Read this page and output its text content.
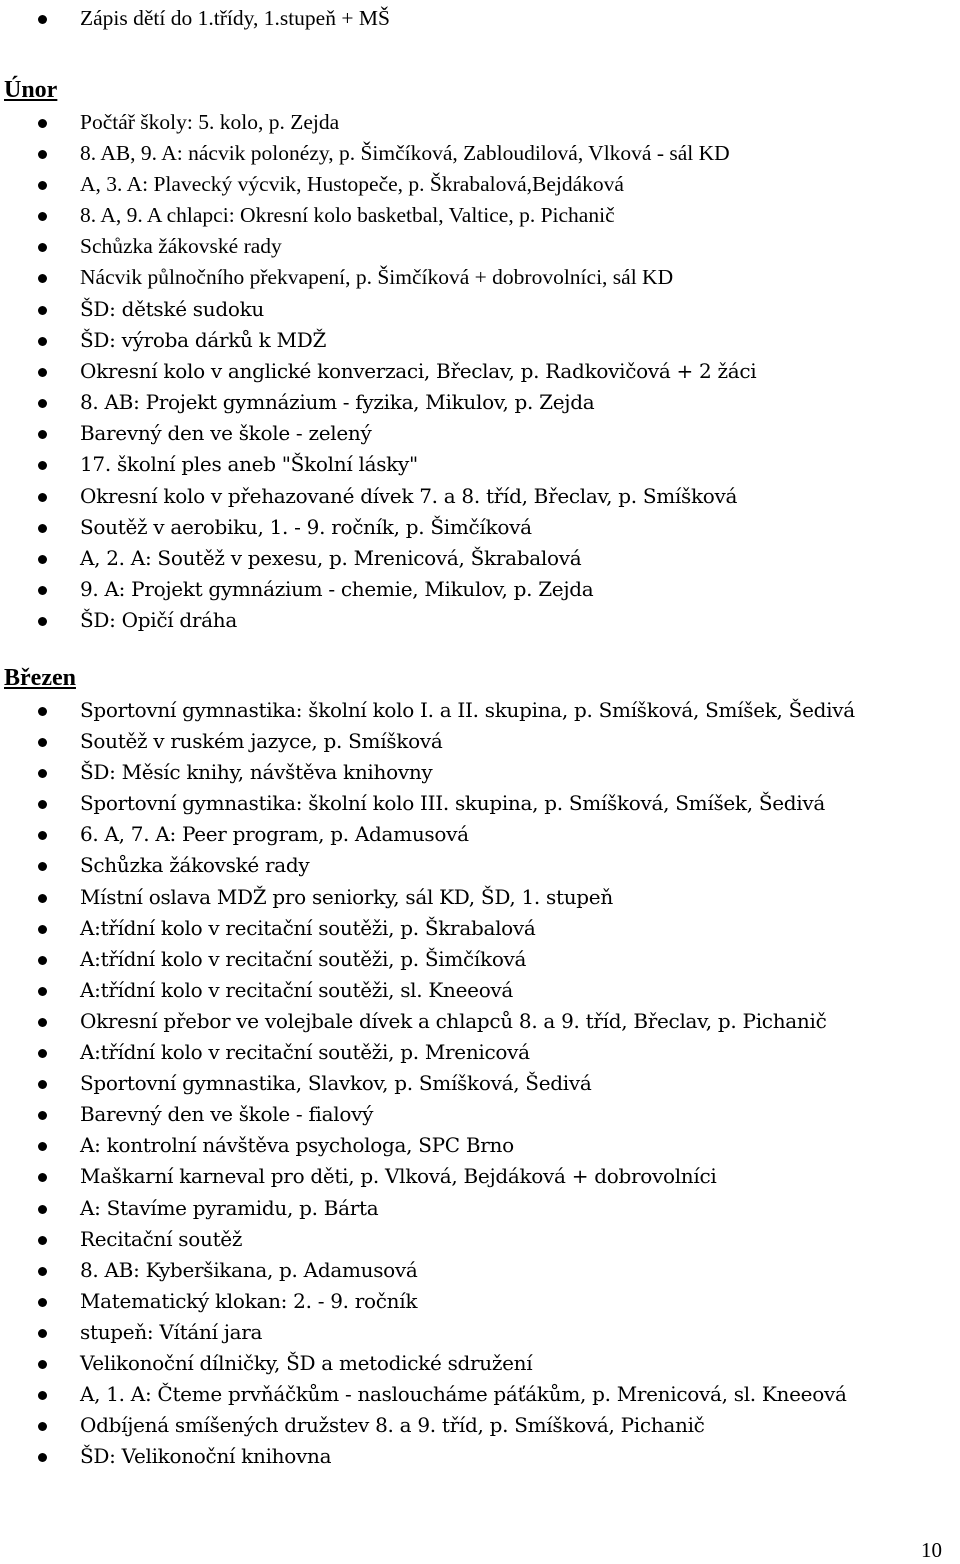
Zápis dětí do 1.třídy, 1.stupeň + MŠ
Únor
Počtář školy: 5. kolo, p. Zejda
8. AB, 9. A: nácvik polonézy, p. Šimčíková, Zabloudilová, Vlková - sál KD
A, 3. A: Plavecký výcvik, Hustopeče, p. Škrabalová,Bejdáková
8. A, 9. A chlapci: Okresní kolo basketbal, Valtice, p. Pichanič
Schůzka žákovské rady
Nácvik půlnočního překvapení, p. Šimčíková + dobrovolníci, sál KD
ŠD: dětské sudoku
ŠD: výroba dárků k MDŽ
Okresní kolo v anglické konverzaci, Břeclav, p. Radkovičová + 2 žáci
8. AB: Projekt gymnázium - fyzika, Mikulov, p. Zejda
Barevný den ve škole - zelený
17. školní ples aneb "Školní lásky"
Okresní kolo v přehazované dívek 7. a 8. tříd, Břeclav, p. Smíšková
Soutěž v aerobiku, 1. - 9. ročník, p. Šimčíková
A, 2. A: Soutěž v pexesu, p. Mrenicová, Škrabalová
9. A: Projekt gymnázium - chemie, Mikulov, p. Zejda
ŠD: Opičí dráha
Březen
Sportovní gymnastika: školní kolo I. a II. skupina, p. Smíšková, Smíšek, Šedivá
Soutěž v ruském jazyce, p. Smíšková
ŠD: Měsíc knihy, návštěva knihovny
Sportovní gymnastika: školní kolo III. skupina, p. Smíšková, Smíšek, Šedivá
6. A, 7. A: Peer program, p. Adamusová
Schůzka žákovské rady
Místní oslava MDŽ pro seniorky, sál KD, ŠD, 1. stupeň
A:třídní kolo v recitační soutěži, p. Škrabalová
A:třídní kolo v recitační soutěži, p. Šimčíková
A:třídní kolo v recitační soutěži, sl. Kneeová
Okresní přebor ve volejbale dívek a chlapců 8. a 9. tříd, Břeclav, p. Pichanič
A:třídní kolo v recitační soutěži, p. Mrenicová
Sportovní gymnastika, Slavkov, p. Smíšková, Šedivá
Barevný den ve škole - fialový
A: kontrolní návštěva psychologa, SPC Brno
Maškarní karneval pro děti, p. Vlková, Bejdáková + dobrovolníci
A: Stavíme pyramidu, p. Bárta
Recitační soutěž
8. AB: Kyberšikana, p. Adamusová
Matematický klokan: 2. - 9. ročník
stupeň: Vítání jara
Velikonoční dílničky, ŠD a metodické sdružení
A, 1. A: Čteme prvňáčkům - nasloucháme páťákům, p. Mrenicová, sl. Kneeová
Odbíjená smíšených družstev 8. a 9. tříd, p. Smíšková, Pichanič
ŠD: Velikonoční knihovna
10
